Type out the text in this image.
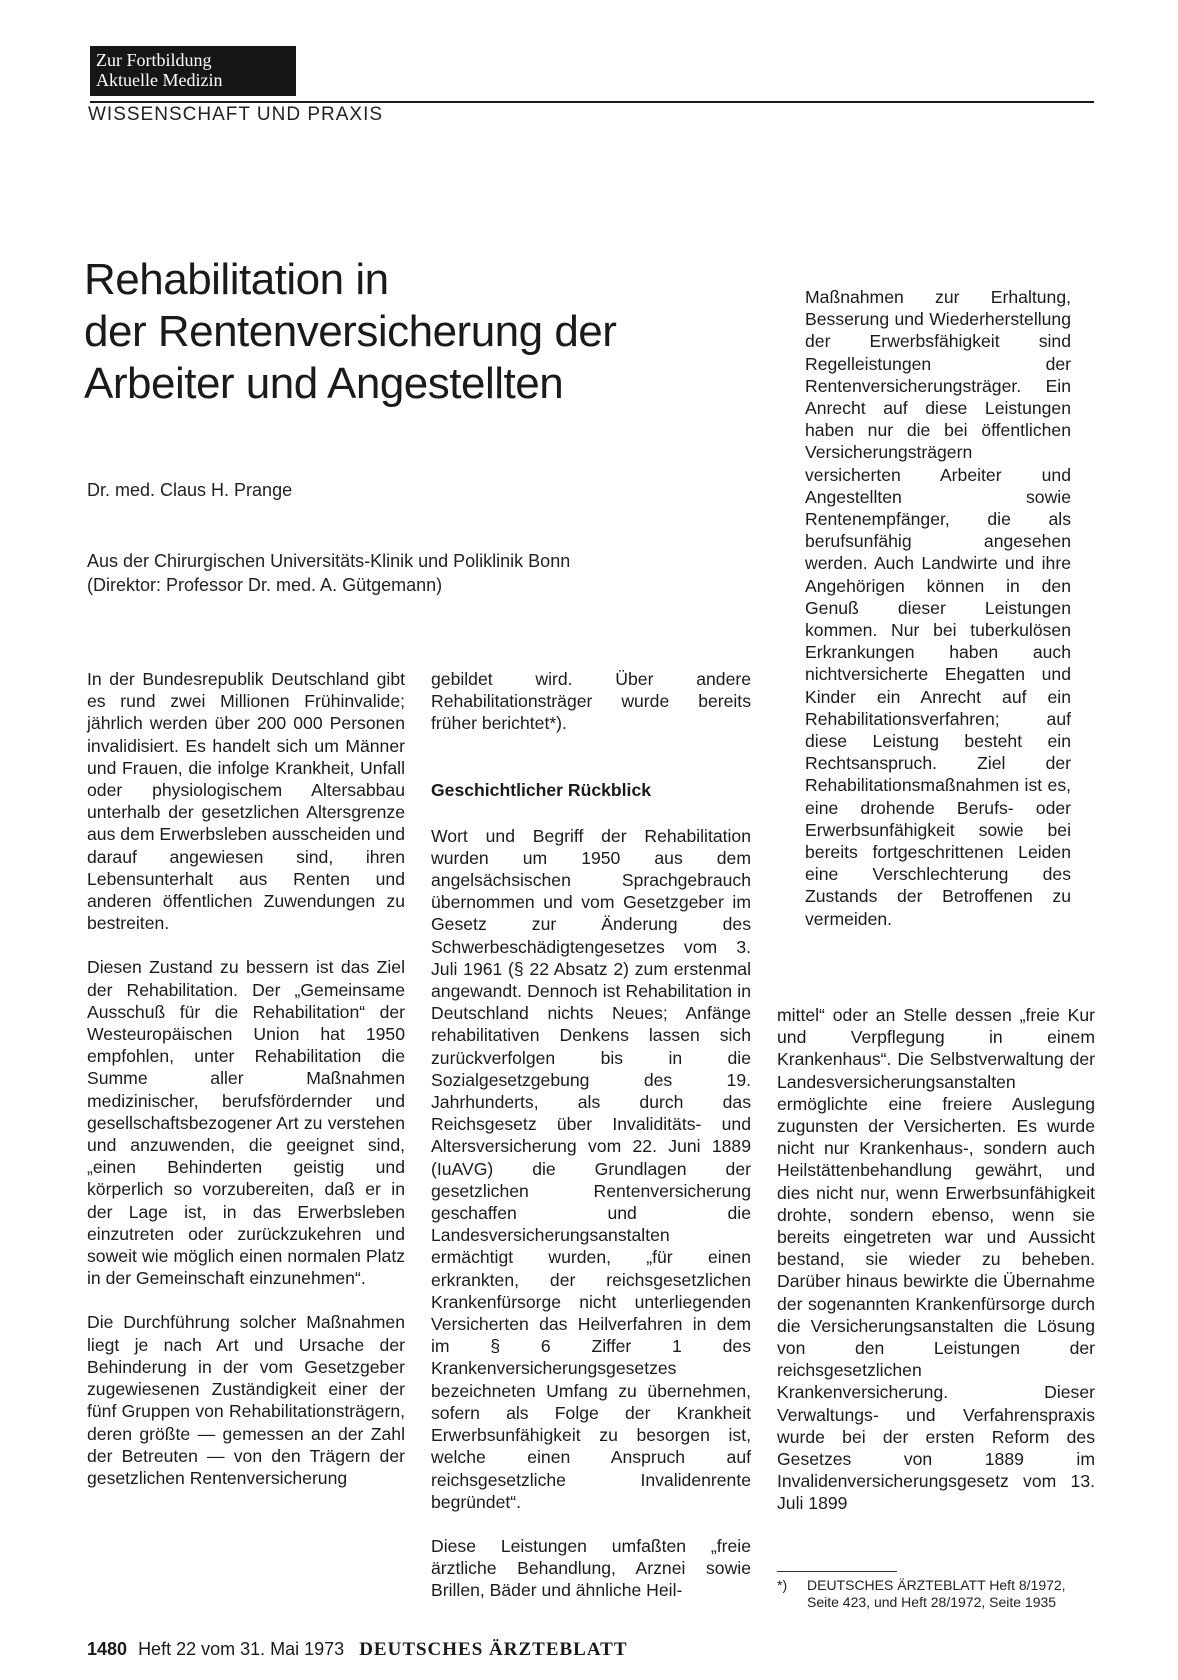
Zur Fortbildung
Aktuelle Medizin
WISSENSCHAFT UND PRAXIS
Rehabilitation in
der Rentenversicherung der
Arbeiter und Angestellten
Dr. med. Claus H. Prange
Aus der Chirurgischen Universitäts-Klinik und Poliklinik Bonn
(Direktor: Professor Dr. med. A. Gütgemann)

In der Bundesrepublik Deutschland gibt es rund zwei Millionen Frühinvalide; jährlich werden über 200 000 Personen invalidisiert. Es handelt sich um Männer und Frauen, die infolge Krankheit, Unfall oder physiologischem Altersabbau unterhalb der gesetzlichen Altersgrenze aus dem Erwerbsleben ausscheiden und darauf angewiesen sind, ihren Lebensunterhalt aus Renten und anderen öffentlichen Zuwendungen zu bestreiten.

Diesen Zustand zu bessern ist das Ziel der Rehabilitation. Der „Gemeinsame Ausschuß für die Rehabilitation“ der Westeuropäischen Union hat 1950 empfohlen, unter Rehabilitation die Summe aller Maßnahmen medizinischer, berufsfördernder und gesellschaftsbezogener Art zu verstehen und anzuwenden, die geeignet sind, „einen Behinderten geistig und körperlich so vorzubereiten, daß er in der Lage ist, in das Erwerbsleben einzutreten oder zurückzukehren und soweit wie möglich einen normalen Platz in der Gemeinschaft einzunehmen“.

Die Durchführung solcher Maßnahmen liegt je nach Art und Ursache der Behinderung in der vom Gesetzgeber zugewiesenen Zuständigkeit einer der fünf Gruppen von Rehabilitationsträgern, deren größte — gemessen an der Zahl der Betreuten — von den Trägern der gesetzlichen Rentenversicherung

gebildet wird. Über andere Rehabilitationsträger wurde bereits früher berichtet*).

Geschichtlicher Rückblick

Wort und Begriff der Rehabilitation wurden um 1950 aus dem angelsächsischen Sprachgebrauch übernommen und vom Gesetzgeber im Gesetz zur Änderung des Schwerbeschädigtengesetzes vom 3. Juli 1961 (§ 22 Absatz 2) zum erstenmal angewandt. Dennoch ist Rehabilitation in Deutschland nichts Neues; Anfänge rehabilitativen Denkens lassen sich zurückverfolgen bis in die Sozialgesetzgebung des 19. Jahrhunderts, als durch das Reichsgesetz über Invaliditäts- und Altersversicherung vom 22. Juni 1889 (IuAVG) die Grundlagen der gesetzlichen Rentenversicherung geschaffen und die Landesversicherungsanstalten ermächtigt wurden, „für einen erkrankten, der reichsgesetzlichen Krankenfürsorge nicht unterliegenden Versicherten das Heilverfahren in dem im § 6 Ziffer 1 des Krankenversicherungsgesetzes bezeichneten Umfang zu übernehmen, sofern als Folge der Krankheit Erwerbsunfähigkeit zu besorgen ist, welche einen Anspruch auf reichsgesetzliche Invalidenrente begründet“.

Diese Leistungen umfaßten „freie ärztliche Behandlung, Arznei sowie Brillen, Bäder und ähnliche Heil-

Maßnahmen zur Erhaltung, Besserung und Wiederherstellung der Erwerbsfähigkeit sind Regelleistungen der Rentenversicherungsträger. Ein Anrecht auf diese Leistungen haben nur die bei öffentlichen Versicherungsträgern versicherten Arbeiter und Angestellten sowie Rentenempfänger, die als berufsunfähig angesehen werden. Auch Landwirte und ihre Angehörigen können in den Genuß dieser Leistungen kommen. Nur bei tuberkulösen Erkrankungen haben auch nichtversicherte Ehegatten und Kinder ein Anrecht auf ein Rehabilitationsverfahren; auf diese Leistung besteht ein Rechtsanspruch. Ziel der Rehabilitationsmaßnahmen ist es, eine drohende Berufs- oder Erwerbsunfähigkeit sowie bei bereits fortgeschrittenen Leiden eine Verschlechterung des Zustands der Betroffenen zu vermeiden.

mittel“ oder an Stelle dessen „freie Kur und Verpflegung in einem Krankenhaus“. Die Selbstverwaltung der Landesversicherungsanstalten ermöglichte eine freiere Auslegung zugunsten der Versicherten. Es wurde nicht nur Krankenhaus-, sondern auch Heilstättenbehandlung gewährt, und dies nicht nur, wenn Erwerbsunfähigkeit drohte, sondern ebenso, wenn sie bereits eingetreten war und Aussicht bestand, sie wieder zu beheben. Darüber hinaus bewirkte die Übernahme der sogenannten Krankenfürsorge durch die Versicherungsanstalten die Lösung von den Leistungen der reichsgesetzlichen Krankenversicherung. Dieser Verwaltungs- und Verfahrenspraxis wurde bei der ersten Reform des Gesetzes von 1889 im Invalidenversicherungsgesetz vom 13. Juli 1899

*) DEUTSCHES ÄRZTEBLATT Heft 8/1972,
Seite 423, und Heft 28/1972, Seite 1935
1480 Heft 22 vom 31. Mai 1973 DEUTSCHES ÄRZTEBLATT
